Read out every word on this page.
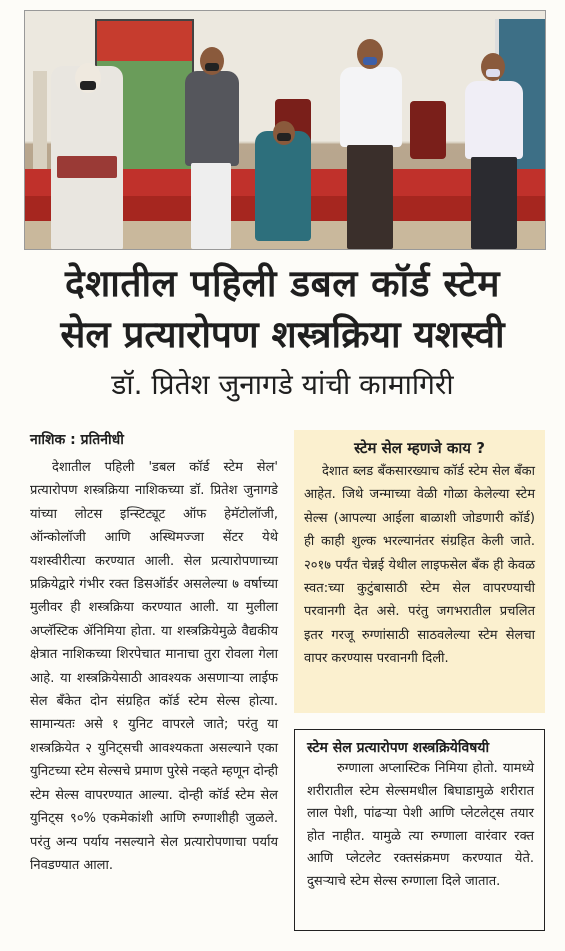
देशातील पहिली डबल कॉर्ड स्टेम
सेल प्रत्यारोपण शस्त्रक्रिया यशस्वी
डॉ. प्रितेश जुनागडे यांची कामागिरी
नाशिक : प्रतिनीधी
देशातील पहिली 'डबल कॉर्ड स्टेम सेल' प्रत्यारोपण शस्त्रक्रिया नाशिकच्या डॉ. प्रितेश जुनागडे यांच्या लोटस इन्स्टिट्यूट ऑफ हेमॅटोलॉजी, ऑन्कोलॉजी आणि अस्थिमज्जा सेंटर येथे यशस्वीरीत्या करण्यात आली. सेल प्रत्यारोपणाच्या प्रक्रियेद्वारे गंभीर रक्त डिसऑर्डर असलेल्या ७ वर्षाच्या मुलीवर ही शस्त्रक्रिया करण्यात आली. या मुलीला अप्लॅस्टिक ॲनिमिया होता. या शस्त्रक्रियेमुळे वैद्यकीय क्षेत्रात नाशिकच्या शिरपेचात मानाचा तुरा रोवला गेला आहे. या शस्त्रक्रियेसाठी आवश्यक असणाऱ्या लाईफ सेल बँकेत दोन संग्रहित कॉर्ड स्टेम सेल्स होत्या. सामान्यतः असे १ युनिट वापरले जाते; परंतु या शस्त्रक्रियेत २ युनिट्सची आवश्यकता असल्याने एका युनिटच्या स्टेम सेल्सचे प्रमाण पुरेसे नव्हते म्हणून दोन्ही स्टेम सेल्स वापरण्यात आल्या. दोन्ही कॉर्ड स्टेम सेल युनिट्स ९०% एकमेकांशी आणि रुग्णाशीही जुळले. परंतु अन्य पर्याय नसल्याने सेल प्रत्यारोपणाचा पर्याय निवडण्यात आला.
स्टेम सेल म्हणजे काय ?
देशात ब्लड बँकसारख्याच कॉर्ड स्टेम सेल बँका आहेत. जिथे जन्माच्या वेळी गोळा केलेल्या स्टेम सेल्स (आपल्या आईला बाळाशी जोडणारी कॉर्ड) ही काही शुल्क भरल्यानंतर संग्रहित केली जाते. २०१७ पर्यंत चेन्नई येथील लाइफसेल बँक ही केवळ स्वत:च्या कुटुंबासाठी स्टेम सेल वापरण्याची परवानगी देत असे. परंतु जगभरातील प्रचलित इतर गरजू रुग्णांसाठी साठवलेल्या स्टेम सेलचा वापर करण्यास परवानगी दिली.
स्टेम सेल प्रत्यारोपण शस्त्रक्रियेविषयी
रुग्णाला अप्लास्टिक निमिया होतो. यामध्ये शरीरातील स्टेम सेल्समधील बिघाडामुळे शरीरात लाल पेशी, पांढऱ्या पेशी आणि प्लेटलेट्स तयार होत नाहीत. यामुळे त्या रुग्णाला वारंवार रक्त आणि प्लेटलेट रक्तसंक्रमण करण्यात येते. दुसऱ्याचे स्टेम सेल्स रुग्णाला दिले जातात.
